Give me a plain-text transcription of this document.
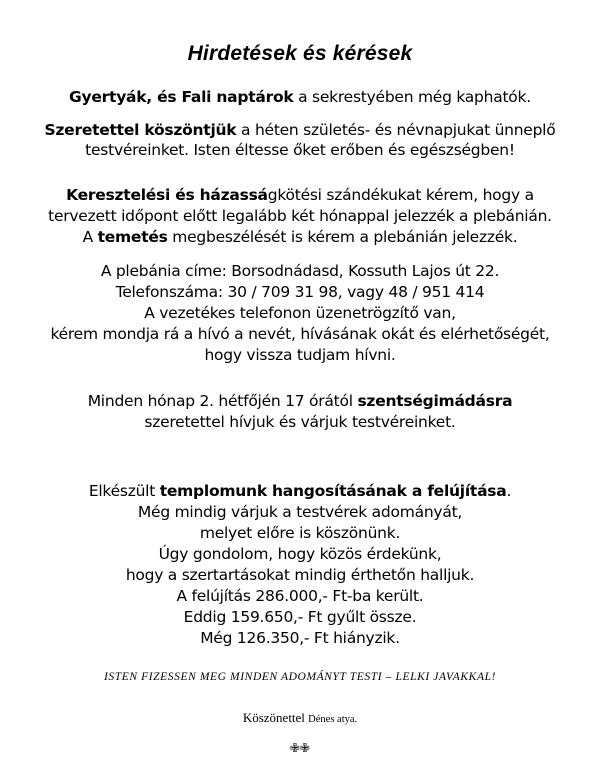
Hirdetések és kérések
Gyertyák, és Fali naptárok a sekrestyében még kaphatók.
Szeretettel köszöntjük a héten születés- és névnapjukat ünneplő
testvéreinket. Isten éltesse őket erőben és egészségben!
Keresztelési és házasságkötési szándékukat kérem, hogy a
tervezett időpont előtt legalább két hónappal jelezzék a plebánián.
A temetés megbeszélését is kérem a plebánián jelezzék.
A plebánia címe: Borsodnádasd, Kossuth Lajos út 22.
Telefonszáma: 30 / 709 31 98, vagy 48 / 951 414
A vezetékes telefonon üzenetrögzítő van,
kérem mondja rá a hívó a nevét, hívásának okát és elérhetőségét,
hogy vissza tudjam hívni.
Minden hónap 2. hétfőjén 17 órától szentségimádásra
szeretettel hívjuk és várjuk testvéreinket.
Elkészült templomunk hangosításának a felújítása.
Még mindig várjuk a testvérek adományát,
melyet előre is köszönünk.
Úgy gondolom, hogy közös érdekünk,
hogy a szertartásokat mindig érthetőn halljuk.
A felújítás 286.000,- Ft-ba került.
Eddig 159.650,- Ft gyűlt össze.
Még 126.350,- Ft hiányzik.
ISTEN FIZESSEN MEG MINDEN ADOMÁNYT TESTI – LELKI JAVAKKAL!
Köszönettel Dénes atya.
✙✙
